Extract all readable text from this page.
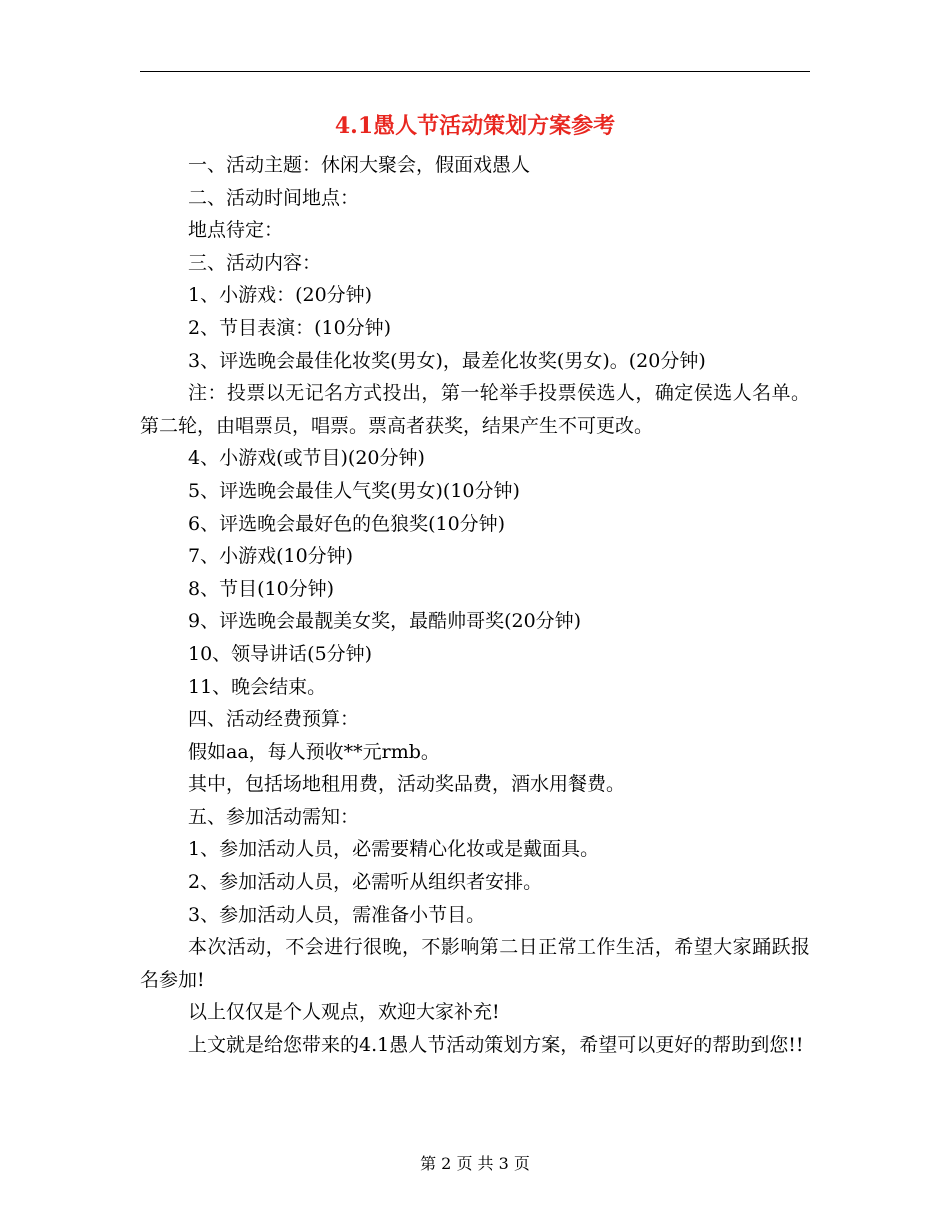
4.1愚人节活动策划方案参考

一、活动主题：休闲大聚会，假面戏愚人

二、活动时间地点：

地点待定：

三、活动内容：

1、小游戏：(20分钟)

2、节目表演：(10分钟)

3、评选晚会最佳化妆奖(男女)，最差化妆奖(男女)。(20分钟)

注：投票以无记名方式投出，第一轮举手投票侯选人，确定侯选人名单。第二轮，由唱票员，唱票。票高者获奖，结果产生不可更改。

4、小游戏(或节目)(20分钟)

5、评选晚会最佳人气奖(男女)(10分钟)

6、评选晚会最好色的色狼奖(10分钟)

7、小游戏(10分钟)

8、节目(10分钟)

9、评选晚会最靓美女奖，最酷帅哥奖(20分钟)

10、领导讲话(5分钟)

11、晚会结束。

四、活动经费预算：

假如aa，每人预收**元rmb。

其中，包括场地租用费，活动奖品费，酒水用餐费。

五、参加活动需知：

1、参加活动人员，必需要精心化妆或是戴面具。

2、参加活动人员，必需听从组织者安排。

3、参加活动人员，需准备小节目。

本次活动，不会进行很晚，不影响第二日正常工作生活，希望大家踊跃报名参加!

以上仅仅是个人观点，欢迎大家补充!

上文就是给您带来的4.1愚人节活动策划方案，希望可以更好的帮助到您!!

第 2 页 共 3 页
